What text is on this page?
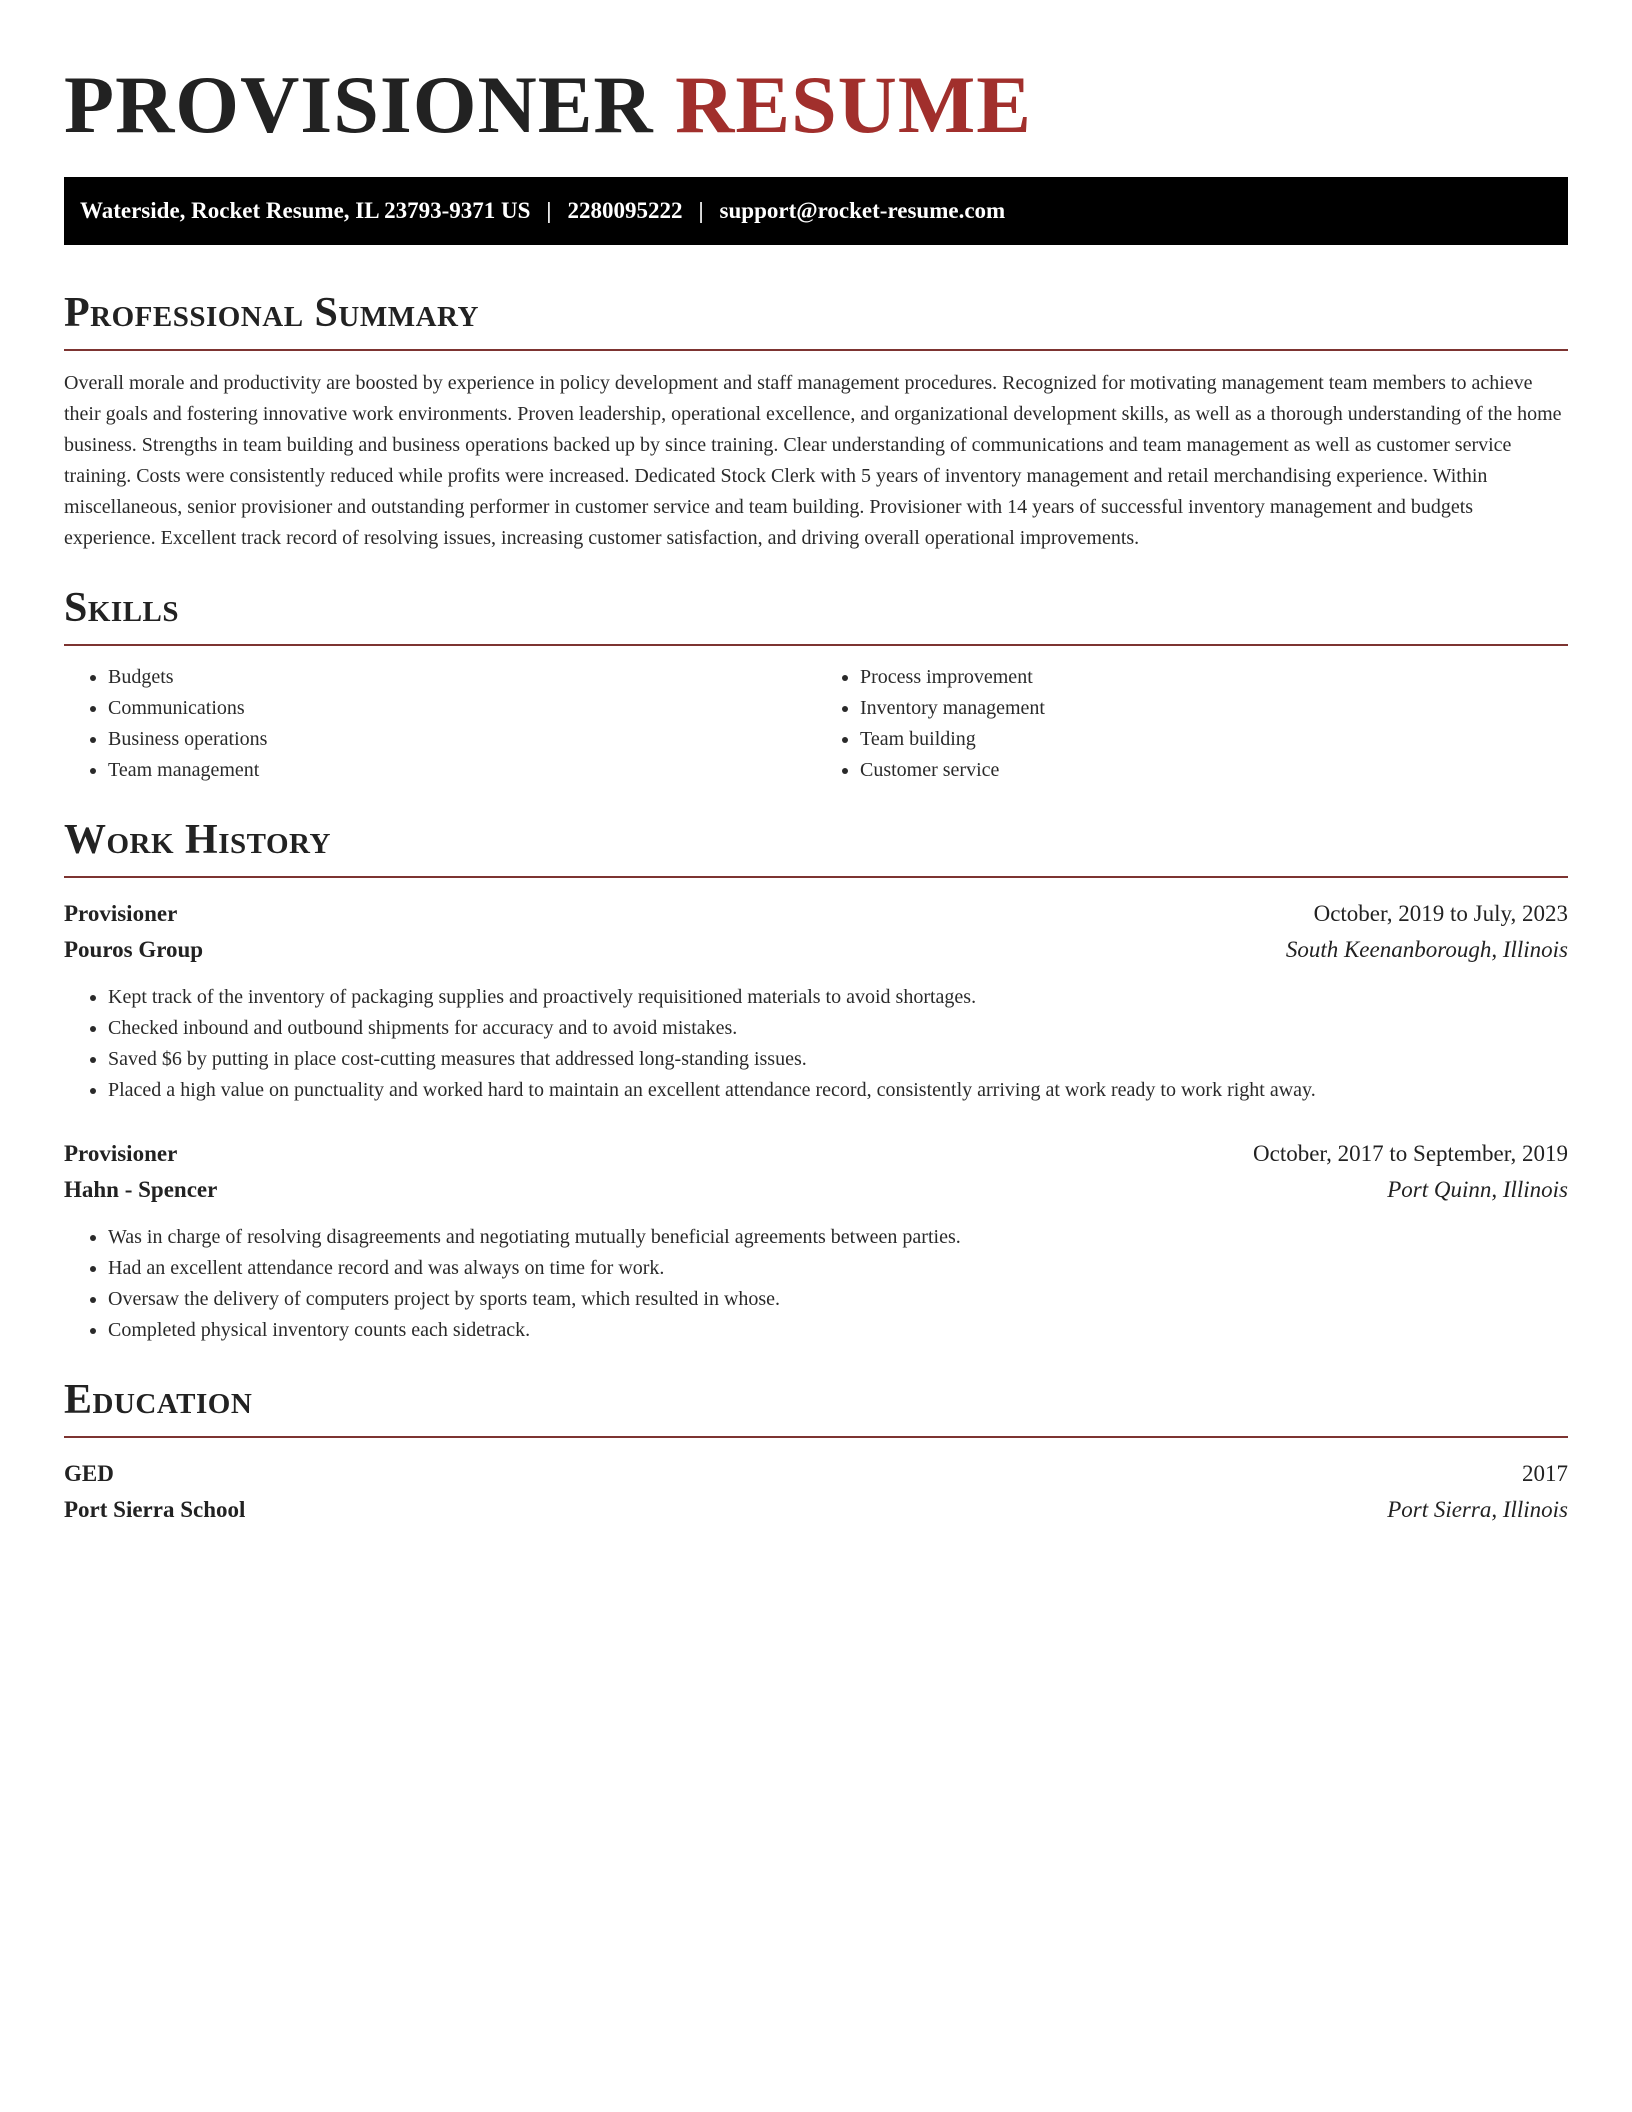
PROVISIONER RESUME
Waterside, Rocket Resume, IL 23793-9371 US | 2280095222 | support@rocket-resume.com
Professional Summary

Overall morale and productivity are boosted by experience in policy development and staff management procedures. Recognized for motivating management team members to achieve their goals and fostering innovative work environments. Proven leadership, operational excellence, and organizational development skills, as well as a thorough understanding of the home business. Strengths in team building and business operations backed up by since training. Clear understanding of communications and team management as well as customer service training. Costs were consistently reduced while profits were increased. Dedicated Stock Clerk with 5 years of inventory management and retail merchandising experience. Within miscellaneous, senior provisioner and outstanding performer in customer service and team building. Provisioner with 14 years of successful inventory management and budgets experience. Excellent track record of resolving issues, increasing customer satisfaction, and driving overall operational improvements.

Skills
• Budgets
• Communications
• Business operations
• Team management
• Process improvement
• Inventory management
• Team building
• Customer service
Work History
Provisioner	October, 2019 to July, 2023
Pouros Group	South Keenanborough, Illinois
• Kept track of the inventory of packaging supplies and proactively requisitioned materials to avoid shortages.
• Checked inbound and outbound shipments for accuracy and to avoid mistakes.
• Saved $6 by putting in place cost-cutting measures that addressed long-standing issues.
• Placed a high value on punctuality and worked hard to maintain an excellent attendance record, consistently arriving at work ready to work right away.
Provisioner	October, 2017 to September, 2019
Hahn - Spencer	Port Quinn, Illinois
• Was in charge of resolving disagreements and negotiating mutually beneficial agreements between parties.
• Had an excellent attendance record and was always on time for work.
• Oversaw the delivery of computers project by sports team, which resulted in whose.
• Completed physical inventory counts each sidetrack.
Education
GED	2017
Port Sierra School	Port Sierra, Illinois
